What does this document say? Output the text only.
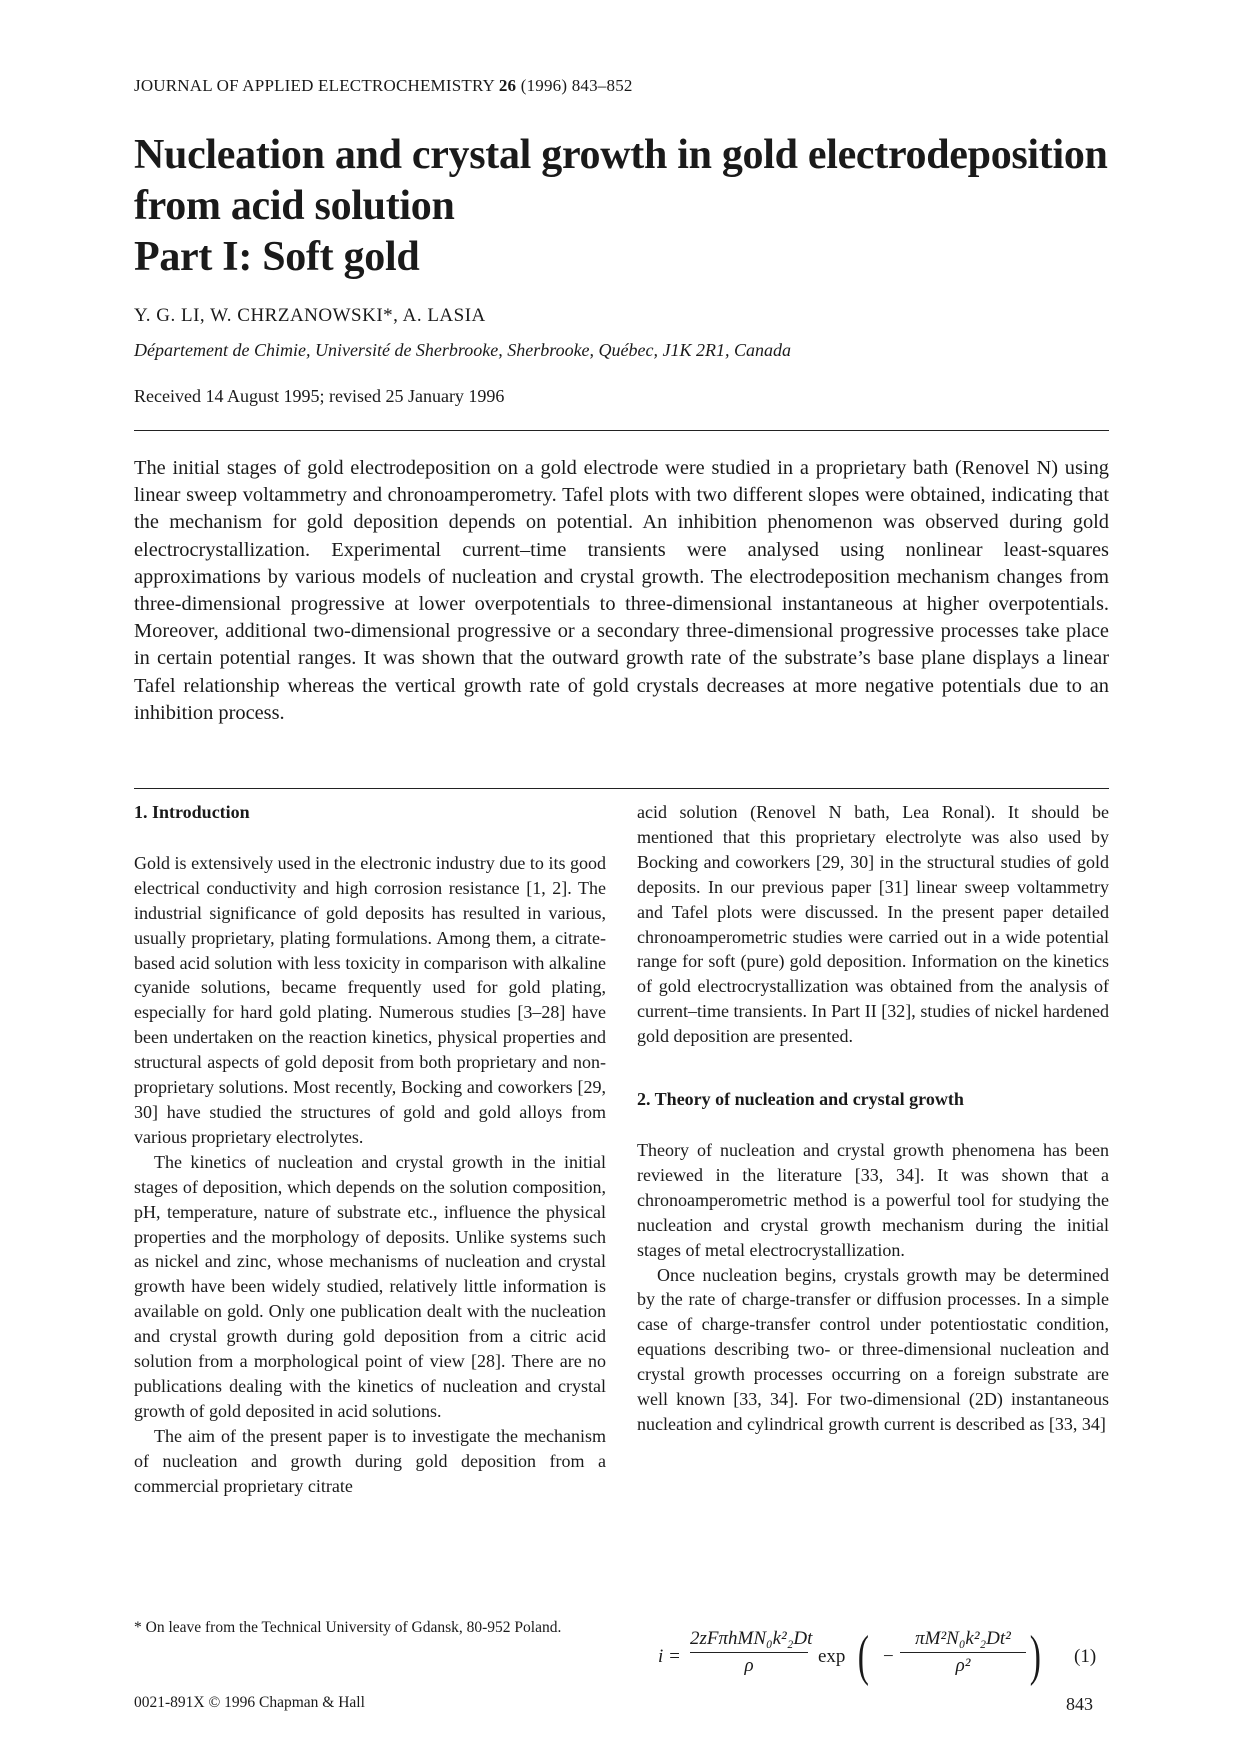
JOURNAL OF APPLIED ELECTROCHEMISTRY 26 (1996) 843–852
Nucleation and crystal growth in gold electrodeposition
from acid solution
Part I: Soft gold
Y. G. LI, W. CHRZANOWSKI*, A. LASIA
Département de Chimie, Université de Sherbrooke, Sherbrooke, Québec, J1K 2R1, Canada
Received 14 August 1995; revised 25 January 1996
The initial stages of gold electrodeposition on a gold electrode were studied in a proprietary bath (Renovel N) using linear sweep voltammetry and chronoamperometry. Tafel plots with two different slopes were obtained, indicating that the mechanism for gold deposition depends on potential. An inhibition phenomenon was observed during gold electrocrystallization. Experimental current–time transients were analysed using nonlinear least-squares approximations by various models of nucleation and crystal growth. The electrodeposition mechanism changes from three-dimensional progressive at lower overpotentials to three-dimensional instantaneous at higher overpotentials. Moreover, additional two-dimensional progressive or a secondary three-dimensional progressive processes take place in certain potential ranges. It was shown that the outward growth rate of the substrate’s base plane displays a linear Tafel relationship whereas the vertical growth rate of gold crystals decreases at more negative potentials due to an inhibition process.
1. Introduction

Gold is extensively used in the electronic industry due to its good electrical conductivity and high corrosion resistance [1, 2]. The industrial significance of gold deposits has resulted in various, usually proprietary, plating formulations. Among them, a citrate-based acid solution with less toxicity in comparison with alkaline cyanide solutions, became frequently used for gold plating, especially for hard gold plating. Numerous studies [3–28] have been undertaken on the reaction kinetics, physical properties and structural aspects of gold deposit from both proprietary and non-proprietary solutions. Most recently, Bocking and coworkers [29, 30] have studied the structures of gold and gold alloys from various proprietary electrolytes.

The kinetics of nucleation and crystal growth in the initial stages of deposition, which depends on the solution composition, pH, temperature, nature of substrate etc., influence the physical properties and the morphology of deposits. Unlike systems such as nickel and zinc, whose mechanisms of nucleation and crystal growth have been widely studied, relatively little information is available on gold. Only one publication dealt with the nucleation and crystal growth during gold deposition from a citric acid solution from a morphological point of view [28]. There are no publications dealing with the kinetics of nucleation and crystal growth of gold deposited in acid solutions.

The aim of the present paper is to investigate the mechanism of nucleation and growth during gold deposition from a commercial proprietary citrate

acid solution (Renovel N bath, Lea Ronal). It should be mentioned that this proprietary electrolyte was also used by Bocking and coworkers [29, 30] in the structural studies of gold deposits. In our previous paper [31] linear sweep voltammetry and Tafel plots were discussed. In the present paper detailed chronoamperometric studies were carried out in a wide potential range for soft (pure) gold deposition. Information on the kinetics of gold electrocrystallization was obtained from the analysis of current–time transients. In Part II [32], studies of nickel hardened gold deposition are presented.

2. Theory of nucleation and crystal growth

Theory of nucleation and crystal growth phenomena has been reviewed in the literature [33, 34]. It was shown that a chronoamperometric method is a powerful tool for studying the nucleation and crystal growth mechanism during the initial stages of metal electrocrystallization.

Once nucleation begins, crystals growth may be determined by the rate of charge-transfer or diffusion processes. In a simple case of charge-transfer control under potentiostatic condition, equations describing two- or three-dimensional nucleation and crystal growth processes occurring on a foreign substrate are well known [33, 34]. For two-dimensional (2D) instantaneous nucleation and cylindrical growth current is described as [33, 34]

i =
2zFπhMN₀k²₂Dt
ρ	exp ( −
πM²N₀k²₂Dt²
ρ²	) (1)
* On leave from the Technical University of Gdansk, 80-952 Poland.
0021-891X © 1996 Chapman & Hall	843
